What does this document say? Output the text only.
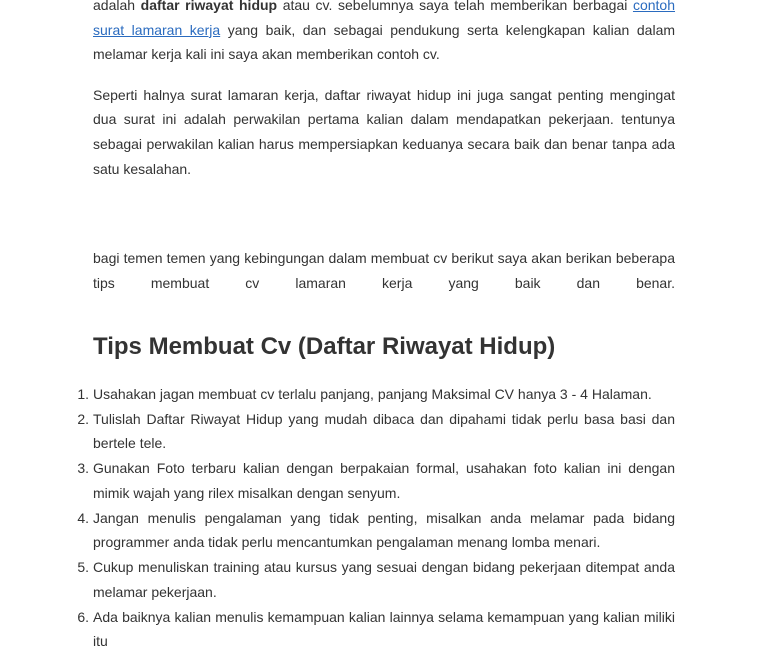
adalah daftar riwayat hidup atau cv. sebelumnya saya telah memberikan berbagai contoh surat lamaran kerja yang baik, dan sebagai pendukung serta kelengkapan kalian dalam melamar kerja kali ini saya akan memberikan contoh cv.

Seperti halnya surat lamaran kerja, daftar riwayat hidup ini juga sangat penting mengingat dua surat ini adalah perwakilan pertama kalian dalam mendapatkan pekerjaan. tentunya sebagai perwakilan kalian harus mempersiapkan keduanya secara baik dan benar tanpa ada satu kesalahan.

bagi temen temen yang kebingungan dalam membuat cv berikut saya akan berikan beberapa tips membuat cv lamaran kerja yang baik dan benar.

Tips Membuat Cv (Daftar Riwayat Hidup)
1. Usahakan jagan membuat cv terlalu panjang, panjang Maksimal CV hanya 3 - 4 Halaman.
2. Tulislah Daftar Riwayat Hidup yang mudah dibaca dan dipahami tidak perlu basa basi dan bertele tele.
3. Gunakan Foto terbaru kalian dengan berpakaian formal, usahakan foto kalian ini dengan mimik wajah yang rilex misalkan dengan senyum.
4. Jangan menulis pengalaman yang tidak penting, misalkan anda melamar pada bidang programmer anda tidak perlu mencantumkan pengalaman menang lomba menari.
5. Cukup menuliskan training atau kursus yang sesuai dengan bidang pekerjaan ditempat anda melamar pekerjaan.
6. Ada baiknya kalian menulis kemampuan kalian lainnya selama kemampuan yang kalian miliki itu
